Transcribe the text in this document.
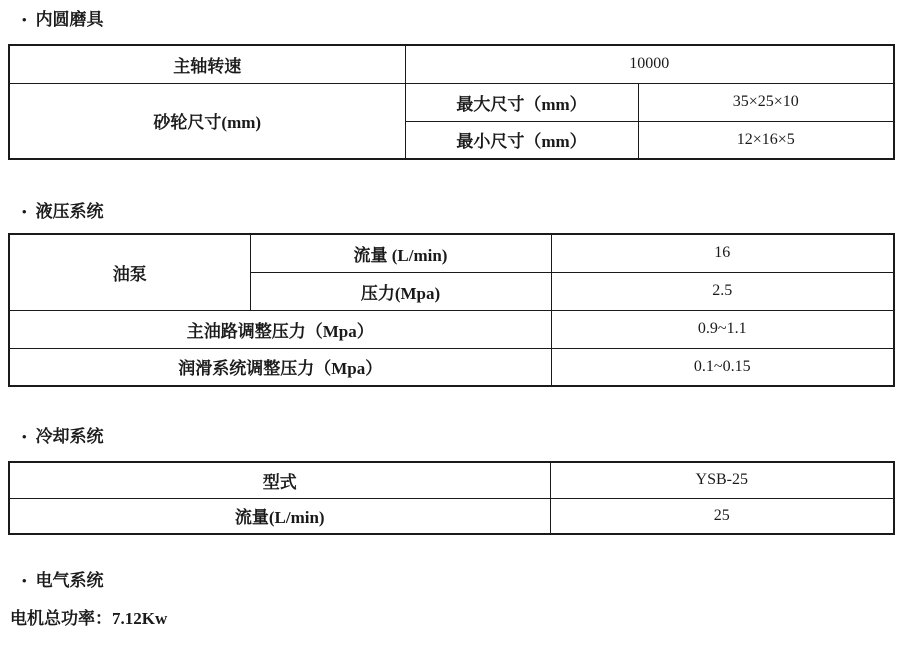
• 内圆磨具
主轴转速	10000	
砂轮尺寸(mm)	最大尺寸（mm）	35×25×10
	最小尺寸（mm）	12×16×5
• 液压系统
油泵	流量 (L/min)	16
	压力(Mpa)	2.5
主油路调整压力（Mpa）		0.9~1.1
润滑系统调整压力（Mpa）		0.1~0.15
• 冷却系统
型式	YSB-25
流量(L/min)	25
• 电气系统
电机总功率：7.12Kw
